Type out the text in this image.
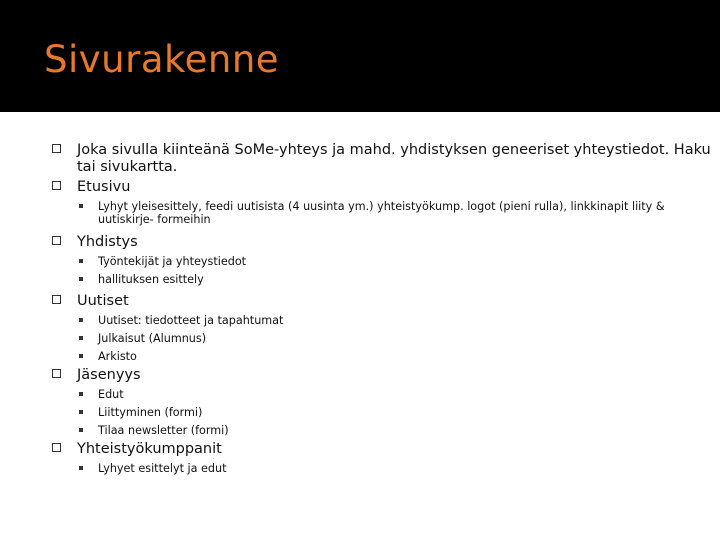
Sivurakenne
Joka sivulla kiinteänä SoMe-yhteys ja mahd. yhdistyksen geneeriset yhteystiedot. Haku tai sivukartta.
Etusivu
Lyhyt yleisesittely, feedi uutisista (4 uusinta ym.) yhteistyökump. logot (pieni rulla), linkkinapit liity & uutiskirje- formeihin
Yhdistys
Työntekijät ja yhteystiedot
hallituksen esittely
Uutiset
Uutiset: tiedotteet ja tapahtumat
Julkaisut (Alumnus)
Arkisto
Jäsenyys
Edut
Liittyminen (formi)
Tilaa newsletter (formi)
Yhteistyökumppanit
Lyhyet esittelyt ja edut
